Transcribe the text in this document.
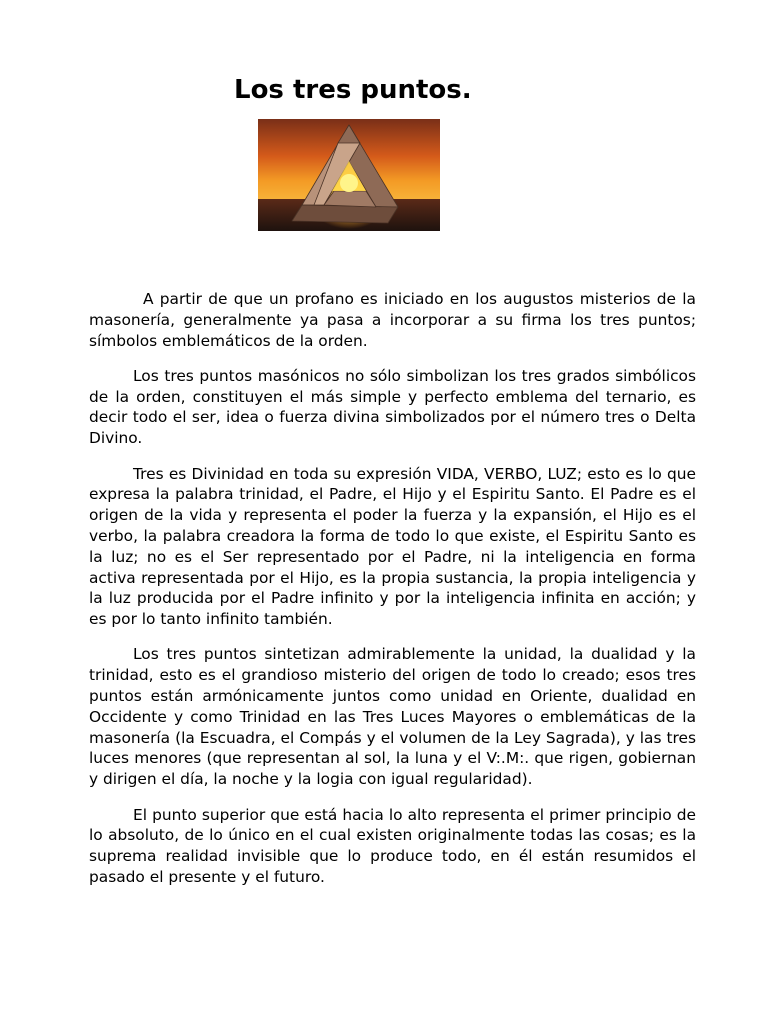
Los tres puntos.

A partir de que un profano es iniciado en los augustos misterios de la masonería, generalmente ya pasa a incorporar a su firma los tres puntos; símbolos emblemáticos de la orden.

Los tres puntos masónicos no sólo simbolizan los tres grados simbólicos de la orden, constituyen el más simple y perfecto emblema del ternario, es decir todo el ser, idea o fuerza divina simbolizados por el número tres o Delta Divino.

Tres es Divinidad en toda su expresión VIDA, VERBO, LUZ; esto es lo que expresa la palabra trinidad, el Padre, el Hijo y el Espiritu Santo. El Padre es el origen de la vida y representa el poder la fuerza y la expansión, el Hijo es el verbo, la palabra creadora la forma de todo lo que existe, el Espiritu Santo es la luz; no es el Ser representado por el Padre, ni la inteligencia en forma activa representada por el Hijo, es la propia sustancia, la propia inteligencia y la luz producida por el Padre infinito y por la inteligencia infinita en acción; y es por lo tanto infinito también.

Los tres puntos sintetizan admirablemente la unidad, la dualidad y la trinidad, esto es el grandioso misterio del origen de todo lo creado; esos tres puntos están armónicamente juntos como unidad en Oriente, dualidad en Occidente y como Trinidad en las Tres Luces Mayores o emblemáticas de la masonería (la Escuadra, el Compás y el volumen de la Ley Sagrada), y las tres luces menores (que representan al sol, la luna y el V:.M:. que rigen, gobiernan y dirigen el día, la noche y la logia con igual regularidad).

El punto superior que está hacia lo alto representa el primer principio de lo absoluto, de lo único en el cual existen originalmente todas las cosas; es la suprema realidad invisible que lo produce todo, en él están resumidos el pasado el presente y el futuro.
